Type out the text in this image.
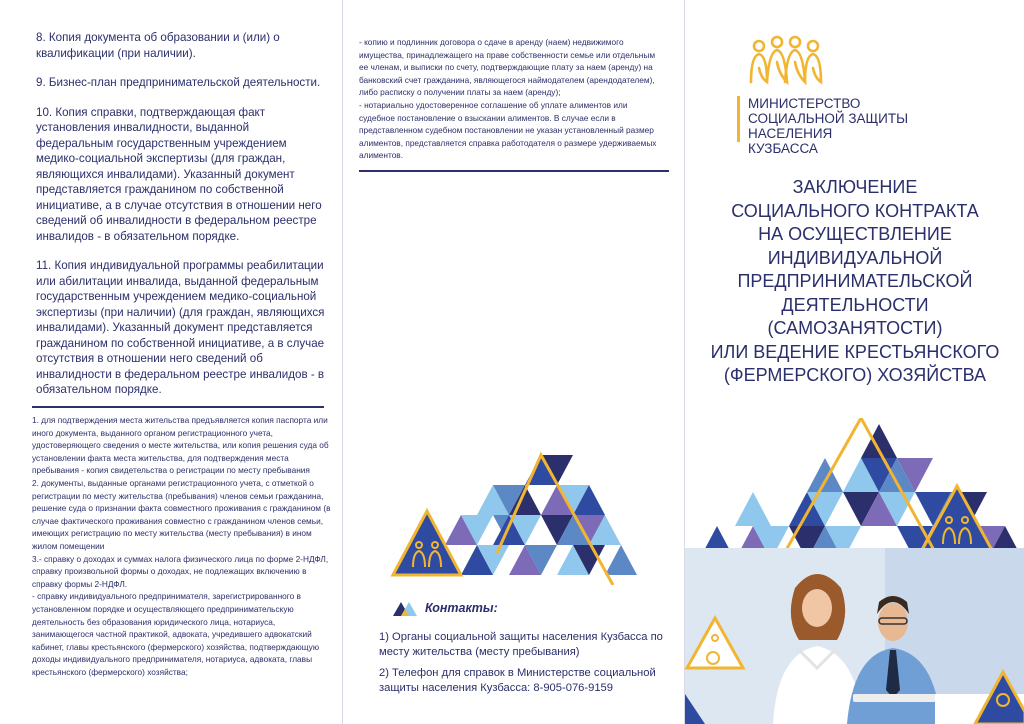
8. Копия документа об образовании и (или) о квалификации (при наличии).

9. Бизнес-план предпринимательской деятельности.

10. Копия справки, подтверждающая факт установления инвалидности, выданной федеральным государственным учреждением медико-социальной экспертизы (для граждан, являющихся инвалидами). Указанный документ представляется гражданином по собственной инициативе, а в случае отсутствия в отношении него сведений об инвалидности в федеральном реестре инвалидов - в обязательном порядке.

11. Копия индивидуальной программы реабилитации или абилитации инвалида, выданной федеральным государственным учреждением медико-социальной экспертизы (при наличии) (для граждан, являющихся инвалидами). Указанный документ представляется гражданином по собственной инициативе, а в случае отсутствия в отношении него сведений об инвалидности в федеральном реестре инвалидов - в обязательном порядке.

1. для подтверждения места жительства предъявляется копия паспорта или иного документа, выданного органом регистрационного учета, удостоверяющего сведения о месте жительства, или копия решения суда об установлении факта места жительства, для подтверждения места пребывания - копия свидетельства о регистрации по месту пребывания

2. документы, выданные органами регистрационного учета, с отметкой о регистрации по месту жительства (пребывания) членов семьи гражданина, решение суда о признании факта совместного проживания с гражданином (в случае фактического проживания совместно с гражданином членов семьи, имеющих регистрацию по месту жительства (месту пребывания) в ином жилом помещении

3.- справку о доходах и суммах налога физического лица по форме 2-НДФЛ, справку произвольной формы о доходах, не подлежащих включению в справку формы 2-НДФЛ.

- справку индивидуального предпринимателя, зарегистрированного в установленном порядке и осуществляющего предпринимательскую деятельность без образования юридического лица, нотариуса, занимающегося частной практикой, адвоката, учредившего адвокатский кабинет, главы крестьянского (фермерского) хозяйства, подтверждающую доходы индивидуального предпринимателя, нотариуса, адвоката, главы крестьянского (фермерского) хозяйства;

- копию и подлинник договора о сдаче в аренду (наем) недвижимого имущества, принадлежащего на праве собственности семье или отдельным ее членам, и выписки по счету, подтверждающие плату за наем (аренду) на банковский счет гражданина, являющегося наймодателем (арендодателем), либо расписку о получении платы за наем (аренду);

- нотариально удостоверенное соглашение об уплате алиментов или судебное постановление о взыскании алиментов. В случае если в представленном судебном постановлении не указан установленный размер алиментов, представляется справка работодателя о размере удерживаемых алиментов.

Контакты:

1) Органы социальной защиты населения Кузбасса по месту жительства (месту пребывания)

2) Телефон для справок в Министерстве социальной защиты населения Кузбасса: 8-905-076-9159

МИНИСТЕРСТВО
СОЦИАЛЬНОЙ ЗАЩИТЫ НАСЕЛЕНИЯ
КУЗБАССА
ЗАКЛЮЧЕНИЕ
СОЦИАЛЬНОГО КОНТРАКТА
НА ОСУЩЕСТВЛЕНИЕ
ИНДИВИДУАЛЬНОЙ
ПРЕДПРИНИМАТЕЛЬСКОЙ
ДЕЯТЕЛЬНОСТИ
(САМОЗАНЯТОСТИ)
ИЛИ ВЕДЕНИЕ КРЕСТЬЯНСКОГО
(ФЕРМЕРСКОГО) ХОЗЯЙСТВА
